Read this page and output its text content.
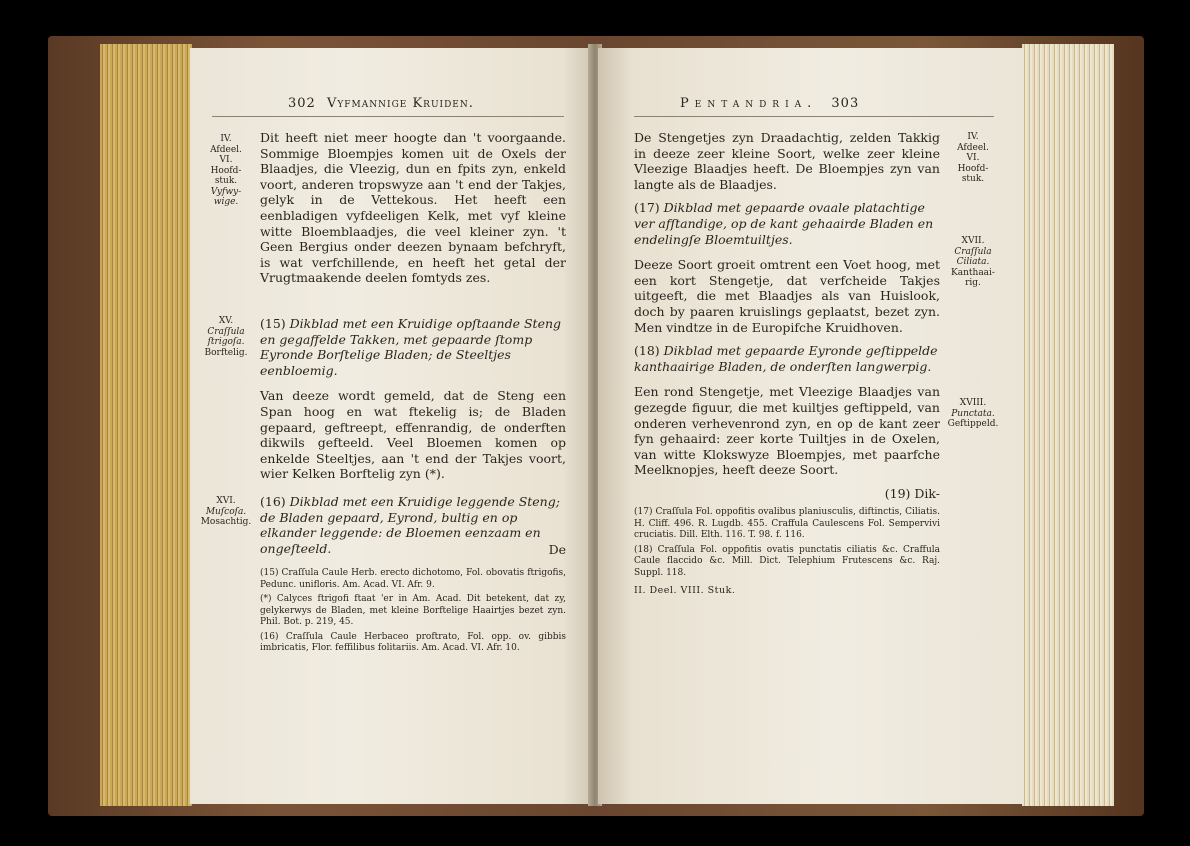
302 Vyfmannige Kruiden.
IV.
Afdeel.
VI.
Hoofd-
stuk.
Vyfwy-
wige.

Dit heeft niet meer hoogte dan 't voorgaande. Sommige Bloempjes komen uit de Oxels der Blaadjes, die Vleezig, dun en fpits zyn, enkeld voort, anderen tropswyze aan 't end der Takjes, gelyk in de Vettekous. Het heeft een eenbladigen vyfdeeligen Kelk, met vyf kleine witte Bloemblaadjes, die veel kleiner zyn. 't Geen Bergius onder deezen bynaam befchryft, is wat verfchillende, en heeft het getal der Vrugtmaakende deelen fomtyds zes.

XV.
Craſſula
ſtrigoſa.
Borftelig.

(15) Dikblad met een Kruidige opſtaande Steng en gegaffelde Takken, met gepaarde ſtomp Eyronde Borſtelige Bladen; de Steeltjes eenbloemig.

Van deeze wordt gemeld, dat de Steng een Span hoog en wat ftekelig is; de Bladen gepaard, geftreept, effenrandig, de onderften dikwils gefteeld. Veel Bloemen komen op enkelde Steeltjes, aan 't end der Takjes voort, wier Kelken Borftelig zyn (*).

XVI.
Muſcoſa.
Mosachtig.

(16) Dikblad met een Kruidige leggende Steng; de Bladen gepaard, Eyrond, bultig en op elkander leggende: de Bloemen eenzaam en ongeſteeld.	De

(15) Craſſula Caule Herb. erecto dichotomo, Fol. obovatis ftrigofis, Pedunc. unifloris. Am. Acad. VI. Afr. 9.

(*) Calyces ftrigofi ftaat 'er in Am. Acad. Dit betekent, dat zy, gelykerwys de Bladen, met kleine Borftelige Haairtjes bezet zyn. Phil. Bot. p. 219, 45.

(16) Craſſula Caule Herbaceo proftrato, Fol. opp. ov. gibbis imbricatis, Flor. feffilibus folitariis. Am. Acad. VI. Afr. 10.

Pentandria. 303

De Stengetjes zyn Draadachtig, zelden Takkig in deeze zeer kleine Soort, welke zeer kleine Vleezige Blaadjes heeft. De Bloempjes zyn van langte als de Blaadjes.

(17) Dikblad met gepaarde ovaale platachtige ver afſtandige, op de kant gehaairde Bladen en endelingſe Bloemtuiltjes.

Deeze Soort groeit omtrent een Voet hoog, met een kort Stengetje, dat verfcheide Takjes uitgeeft, die met Blaadjes als van Huislook, doch by paaren kruislings geplaatst, bezet zyn. Men vindtze in de Europifche Kruidhoven.

(18) Dikblad met gepaarde Eyronde geſtippelde kanthaairige Bladen, de onderſten langwerpig.

Een rond Stengetje, met Vleezige Blaadjes van gezegde figuur, die met kuiltjes geftippeld, van onderen verhevenrond zyn, en op de kant zeer fyn gehaaird: zeer korte Tuiltjes in de Oxelen, van witte Klokswyze Bloempjes, met paarfche Meelknopjes, heeft deeze Soort.

(19) Dik-

(17) Craſſula Fol. oppofitis ovalibus planiusculis, diftinctis, Ciliatis. H. Cliff. 496. R. Lugdb. 455. Craffula Caulescens Fol. Sempervivi cruciatis. Dill. Elth. 116. T. 98. f. 116.

(18) Craſſula Fol. oppofitis ovatis punctatis ciliatis &c. Craffula Caule flaccido &c. Mill. Dict. Telephium Frutescens &c. Raj. Suppl. 118.

II. Deel. VIII. Stuk.

IV.
Afdeel.
VI.
Hoofd-
stuk.
XVII.
Craſſula
Ciliata.
Kanthaai-
rig.
XVIII.
Punctata.
Geftippeld.
